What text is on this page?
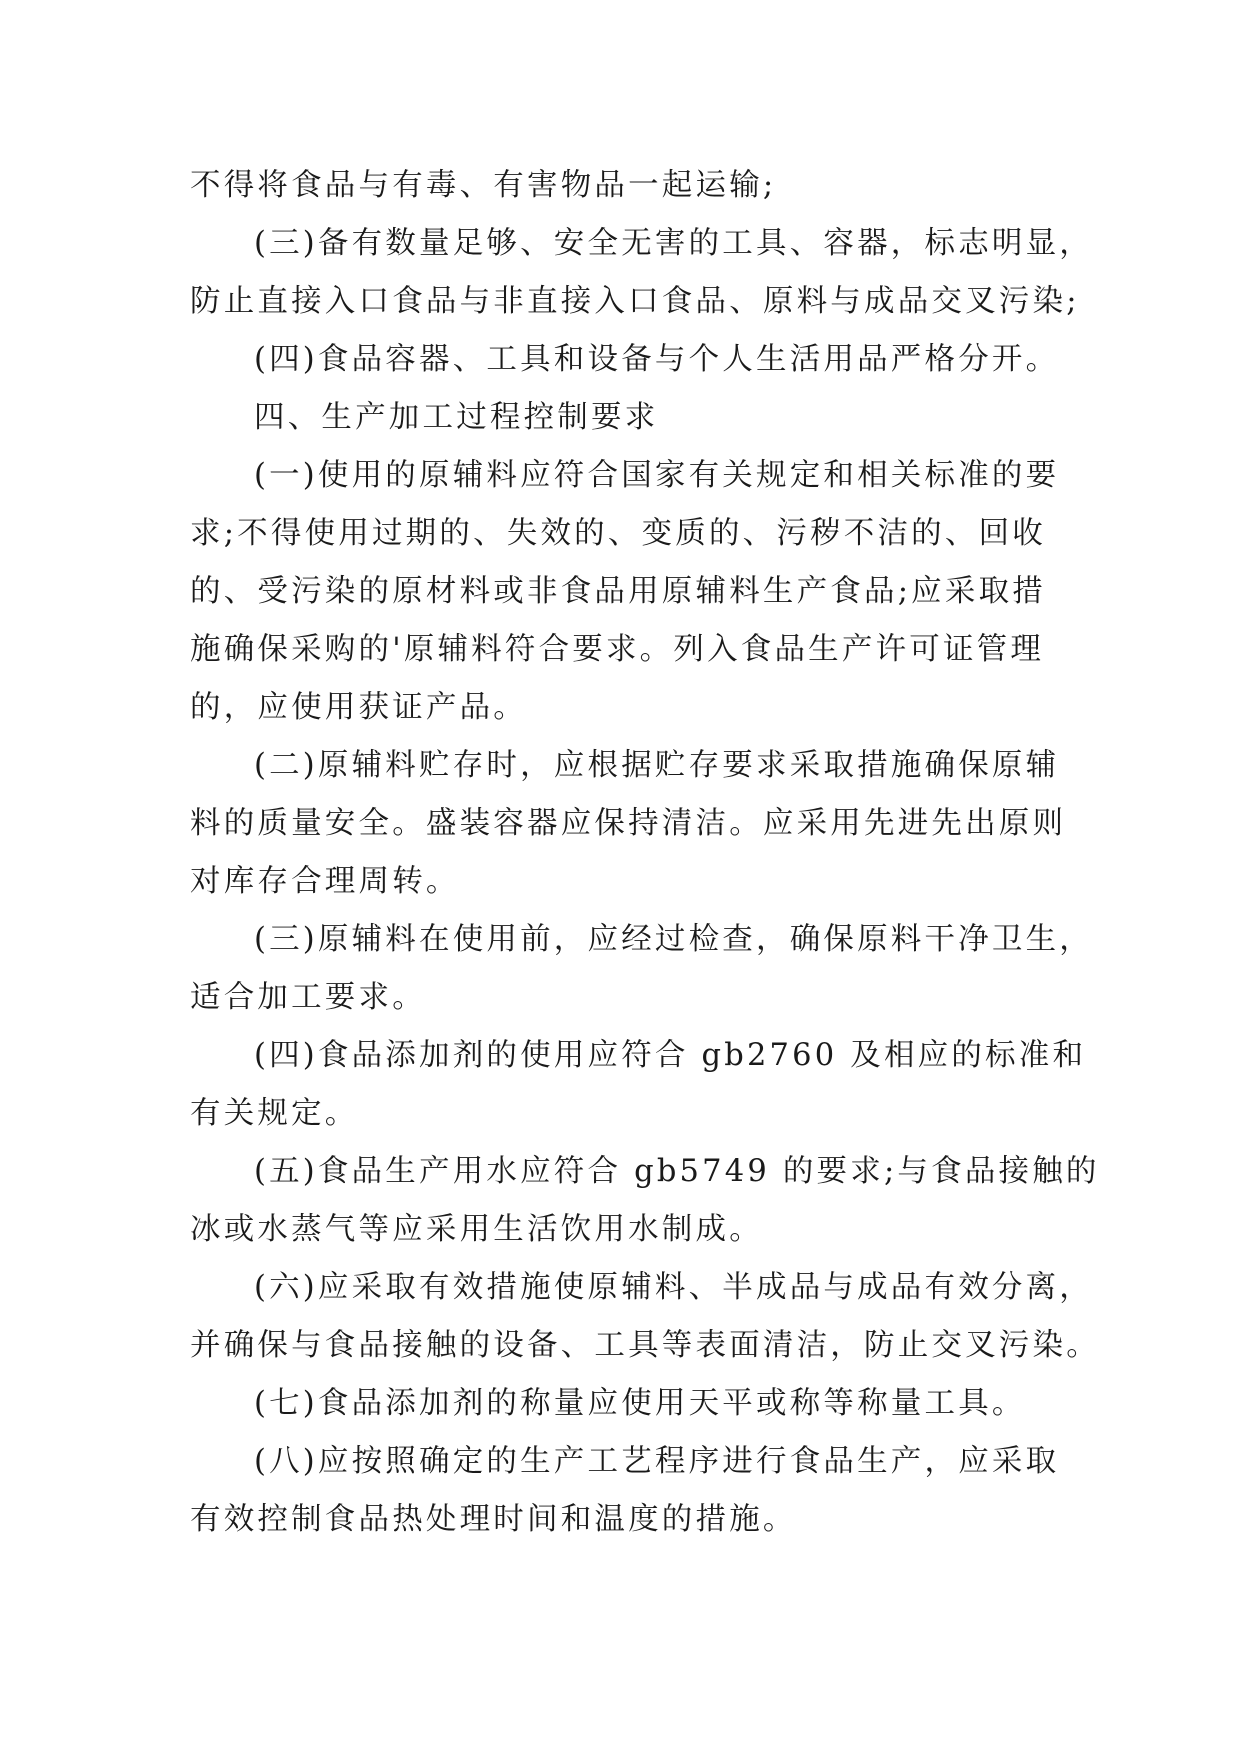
不得将食品与有毒、有害物品一起运输;
(三)备有数量足够、安全无害的工具、容器，标志明显，
防止直接入口食品与非直接入口食品、原料与成品交叉污染;
(四)食品容器、工具和设备与个人生活用品严格分开。
四、生产加工过程控制要求
(一)使用的原辅料应符合国家有关规定和相关标准的要
求;不得使用过期的、失效的、变质的、污秽不洁的、回收
的、受污染的原材料或非食品用原辅料生产食品;应采取措
施确保采购的'原辅料符合要求。列入食品生产许可证管理
的，应使用获证产品。
(二)原辅料贮存时，应根据贮存要求采取措施确保原辅
料的质量安全。盛装容器应保持清洁。应采用先进先出原则
对库存合理周转。
(三)原辅料在使用前，应经过检查，确保原料干净卫生，
适合加工要求。
(四)食品添加剂的使用应符合 gb2760 及相应的标准和
有关规定。
(五)食品生产用水应符合 gb5749 的要求;与食品接触的
冰或水蒸气等应采用生活饮用水制成。
(六)应采取有效措施使原辅料、半成品与成品有效分离，
并确保与食品接触的设备、工具等表面清洁，防止交叉污染。
(七)食品添加剂的称量应使用天平或称等称量工具。
(八)应按照确定的生产工艺程序进行食品生产，应采取
有效控制食品热处理时间和温度的措施。
